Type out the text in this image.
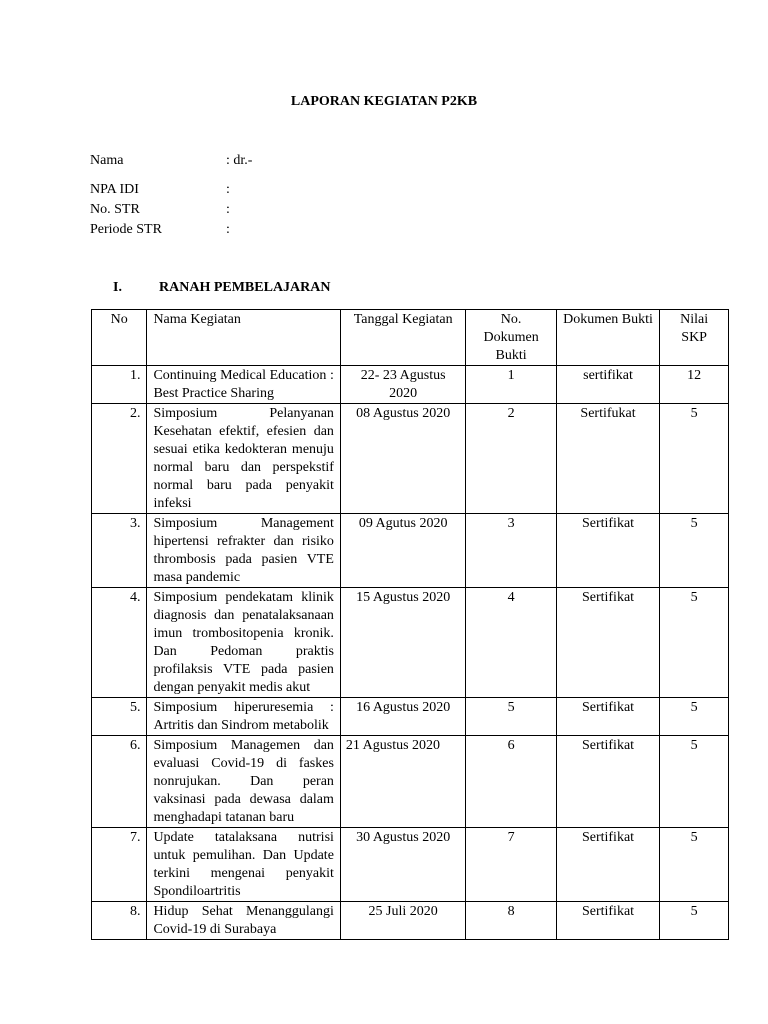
LAPORAN KEGIATAN P2KB
Nama	: dr.-
NPA IDI	:
No. STR	:
Periode STR	:
I.	RANAH PEMBELAJARAN
No	Nama Kegiatan	Tanggal Kegiatan	No. Dokumen Bukti	Dokumen Bukti	Nilai SKP
1.	Continuing Medical Education : Best Practice Sharing	22- 23 Agustus 2020	1	sertifikat	12
2.	Simposium Pelanyanan Kesehatan efektif, efesien dan sesuai etika kedokteran menuju normal baru dan perspekstif normal baru pada penyakit infeksi	08 Agustus 2020	2	Sertifukat	5
3.	Simposium Management hipertensi refrakter dan risiko thrombosis pada pasien VTE masa pandemic	09 Agutus 2020	3	Sertifikat	5
4.	Simposium pendekatam klinik diagnosis dan penatalaksanaan imun trombositopenia kronik. Dan Pedoman praktis profilaksis VTE pada pasien dengan penyakit medis akut	15 Agustus 2020	4	Sertifikat	5
5.	Simposium hiperuresemia : Artritis dan Sindrom metabolik	16 Agustus 2020	5	Sertifikat	5
6.	Simposium Managemen dan evaluasi Covid-19 di faskes nonrujukan. Dan peran vaksinasi pada dewasa dalam menghadapi tatanan baru	21 Agustus 2020	6	Sertifikat	5
7.	Update tatalaksana nutrisi untuk pemulihan. Dan Update terkini mengenai penyakit Spondiloartritis	30 Agustus 2020	7	Sertifikat	5
8.	Hidup Sehat Menanggulangi Covid-19 di Surabaya	25 Juli 2020	8	Sertifikat	5
